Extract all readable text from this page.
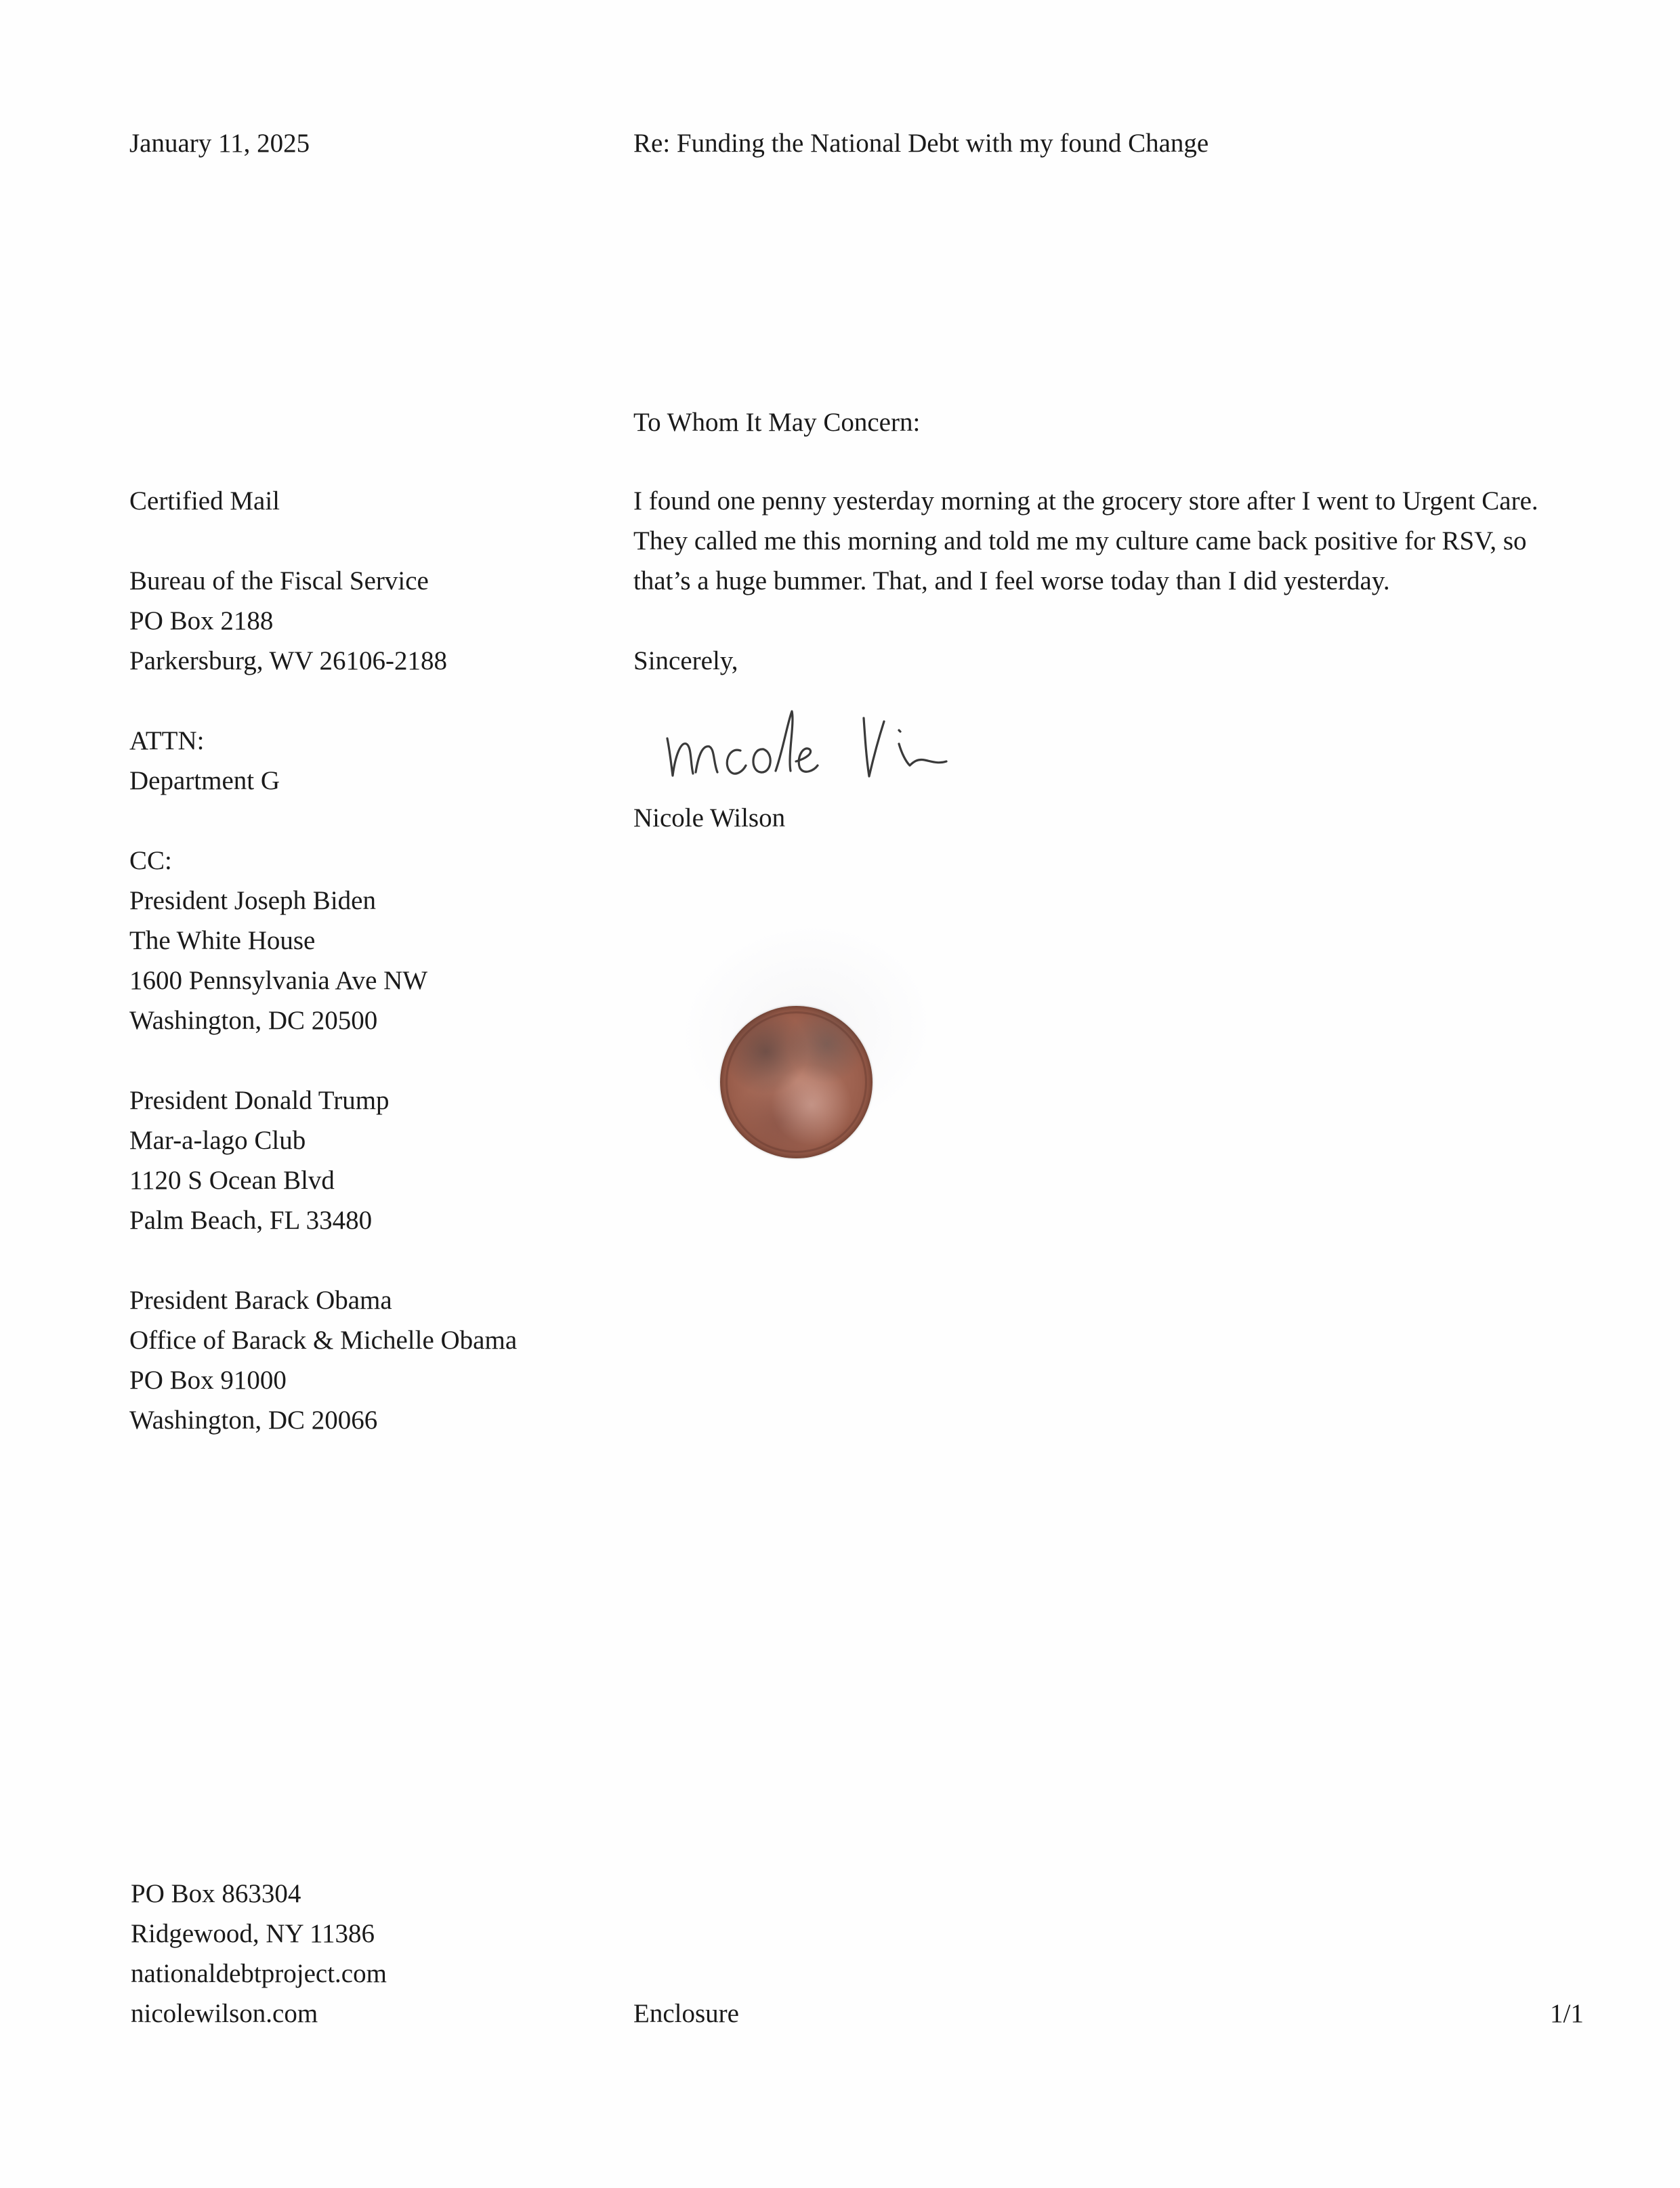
January 11, 2025	Re: Funding the National Debt with my found Change
To Whom It May Concern:
Certified Mail
Bureau of the Fiscal Service
PO Box 2188
Parkersburg, WV 26106-2188
ATTN:
Department G
CC:
President Joseph Biden
The White House
1600 Pennsylvania Ave NW
Washington, DC 20500
President Donald Trump
Mar-a-lago Club
1120 S Ocean Blvd
Palm Beach, FL 33480
President Barack Obama
Office of Barack & Michelle Obama
PO Box 91000
Washington, DC 20066
I found one penny yesterday morning at the grocery store after I went to Urgent Care. They called me this morning and told me my culture came back positive for RSV, so that’s a huge bummer. That, and I feel worse today than I did yesterday.
Sincerely,
Nicole Wilson
PO Box 863304
Ridgewood, NY 11386
nationaldebtproject.com
nicolewilson.com	Enclosure	1/1
